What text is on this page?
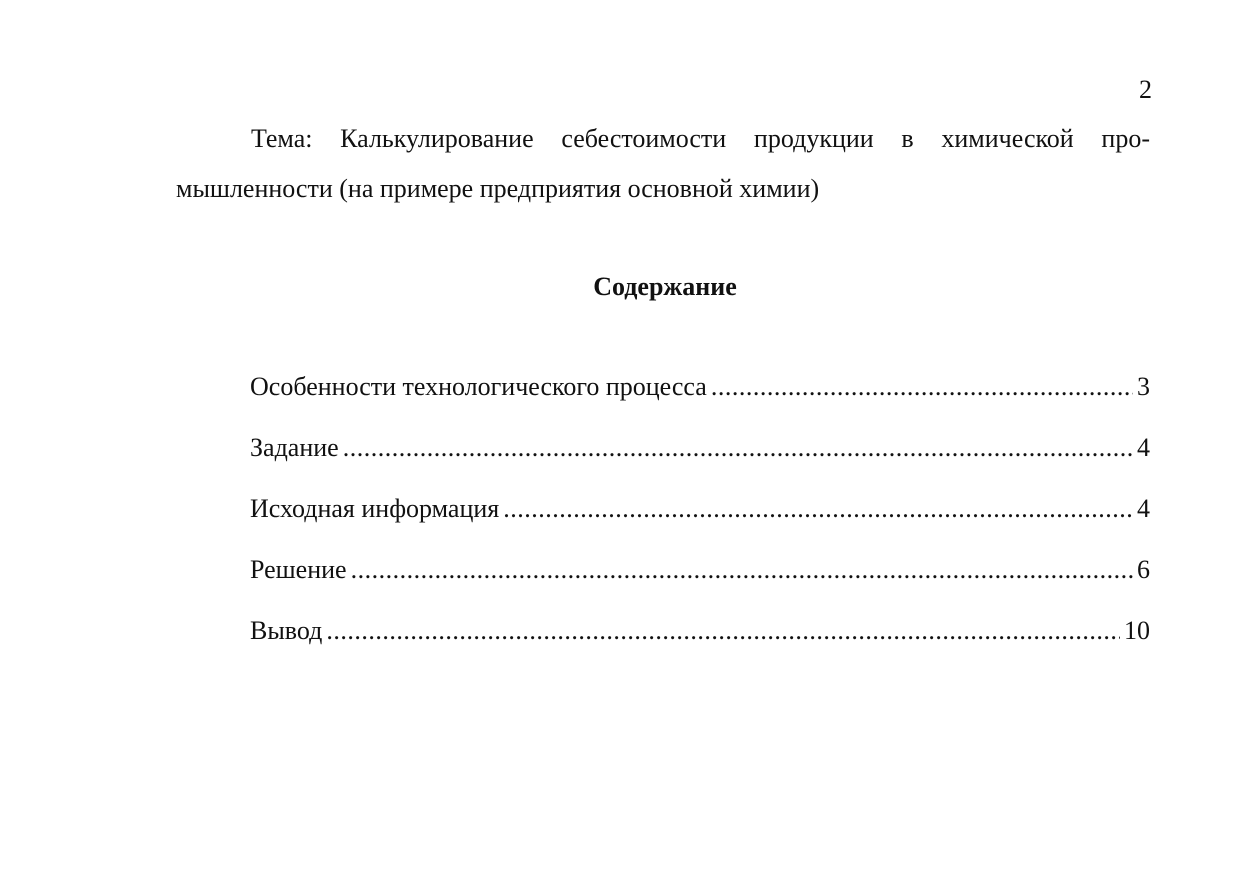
2
Тема: Калькулирование себестоимости продукции в химической про-
мышленности (на примере предприятия основной химии)
Содержание
Особенности технологического процесса .....	3
Задание .....	4
Исходная информация .....	4
Решение .....	6
Вывод .....	10
